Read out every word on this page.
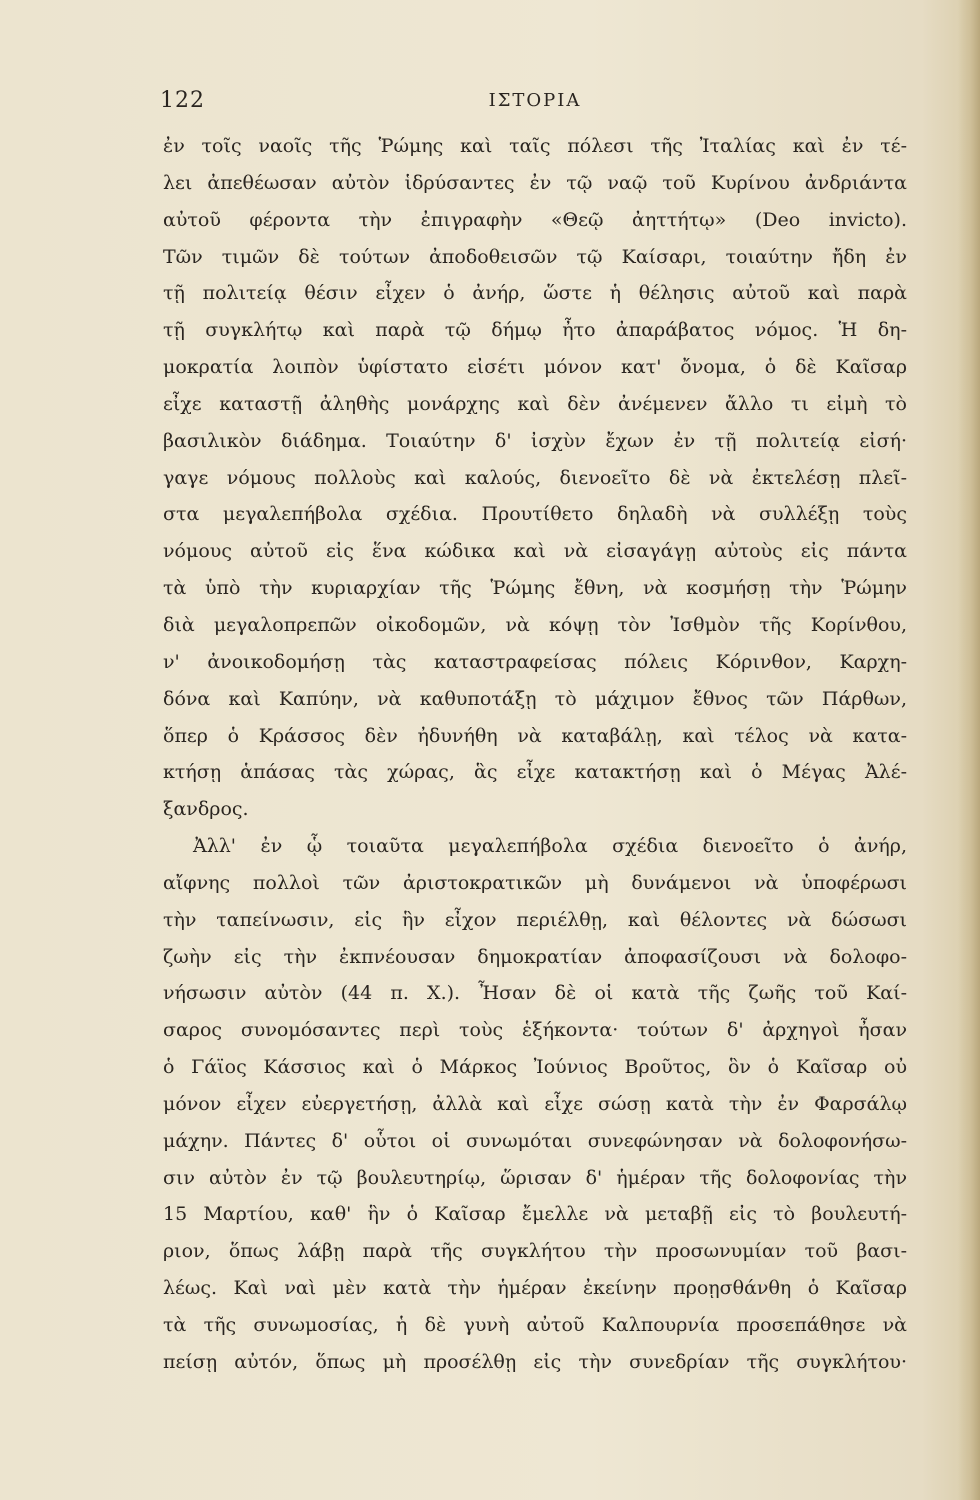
122	ΙΣΤΟΡΙΑ
ἐν τοῖς ναοῖς τῆς Ῥώμης καὶ ταῖς πόλεσι τῆς Ἰταλίας καὶ ἐν τέ-
λει ἀπεθέωσαν αὐτὸν ἱδρύσαντες ἐν τῷ ναῷ τοῦ Κυρίνου ἀνδριάντα
αὐτοῦ φέροντα τὴν ἐπιγραφὴν «Θεῷ ἀηττήτῳ» (Deo invicto).
Τῶν τιμῶν δὲ τούτων ἀποδοθεισῶν τῷ Καίσαρι, τοιαύτην ἤδη ἐν
τῇ πολιτείᾳ θέσιν εἶχεν ὁ ἀνήρ, ὥστε ἡ θέλησις αὐτοῦ καὶ παρὰ
τῇ συγκλήτῳ καὶ παρὰ τῷ δήμῳ ἦτο ἀπαράβατος νόμος. Ἡ δη-
μοκρατία λοιπὸν ὑφίστατο εἰσέτι μόνον κατ' ὄνομα, ὁ δὲ Καῖσαρ
εἶχε καταστῇ ἀληθὴς μονάρχης καὶ δὲν ἀνέμενεν ἄλλο τι εἰμὴ τὸ
βασιλικὸν διάδημα. Τοιαύτην δ' ἰσχὺν ἔχων ἐν τῇ πολιτείᾳ εἰσή·
γαγε νόμους πολλοὺς καὶ καλούς, διενοεῖτο δὲ νὰ ἐκτελέσῃ πλεῖ-
στα μεγαλεπήβολα σχέδια. Προυτίθετο δηλαδὴ νὰ συλλέξῃ τοὺς
νόμους αὐτοῦ εἰς ἕνα κώδικα καὶ νὰ εἰσαγάγῃ αὐτοὺς εἰς πάντα
τὰ ὑπὸ τὴν κυριαρχίαν τῆς Ῥώμης ἔθνη, νὰ κοσμήσῃ τὴν Ῥώμην
διὰ μεγαλοπρεπῶν οἰκοδομῶν, νὰ κόψῃ τὸν Ἰσθμὸν τῆς Κορίνθου,
ν' ἀνοικοδομήσῃ τὰς καταστραφείσας πόλεις Κόρινθον, Καρχη-
δόνα καὶ Καπύην, νὰ καθυποτάξῃ τὸ μάχιμον ἔθνος τῶν Πάρθων,
ὅπερ ὁ Κράσσος δὲν ἠδυνήθη νὰ καταβάλῃ, καὶ τέλος νὰ κατα-
κτήσῃ ἁπάσας τὰς χώρας, ἃς εἶχε κατακτήσῃ καὶ ὁ Μέγας Ἀλέ-
ξανδρος.
Ἀλλ' ἐν ᾧ τοιαῦτα μεγαλεπήβολα σχέδια διενοεῖτο ὁ ἀνήρ,
αἴφνης πολλοὶ τῶν ἀριστοκρατικῶν μὴ δυνάμενοι νὰ ὑποφέρωσι
τὴν ταπείνωσιν, εἰς ἣν εἶχον περιέλθῃ, καὶ θέλοντες νὰ δώσωσι
ζωὴν εἰς τὴν ἐκπνέουσαν δημοκρατίαν ἀποφασίζουσι νὰ δολοφο-
νήσωσιν αὐτὸν (44 π. Χ.). Ἦσαν δὲ οἱ κατὰ τῆς ζωῆς τοῦ Καί-
σαρος συνομόσαντες περὶ τοὺς ἑξήκοντα· τούτων δ' ἀρχηγοὶ ἦσαν
ὁ Γάϊος Κάσσιος καὶ ὁ Μάρκος Ἰούνιος Βροῦτος, ὃν ὁ Καῖσαρ οὐ
μόνον εἶχεν εὐεργετήσῃ, ἀλλὰ καὶ εἶχε σώσῃ κατὰ τὴν ἐν Φαρσάλῳ
μάχην. Πάντες δ' οὗτοι οἱ συνωμόται συνεφώνησαν νὰ δολοφονήσω-
σιν αὐτὸν ἐν τῷ βουλευτηρίῳ, ὥρισαν δ' ἡμέραν τῆς δολοφονίας τὴν
15 Μαρτίου, καθ' ἣν ὁ Καῖσαρ ἔμελλε νὰ μεταβῇ εἰς τὸ βουλευτή-
ριον, ὅπως λάβῃ παρὰ τῆς συγκλήτου τὴν προσωνυμίαν τοῦ βασι-
λέως. Καὶ ναὶ μὲν κατὰ τὴν ἡμέραν ἐκείνην προῃσθάνθη ὁ Καῖσαρ
τὰ τῆς συνωμοσίας, ἡ δὲ γυνὴ αὐτοῦ Καλπουρνία προσεπάθησε νὰ
πείσῃ αὐτόν, ὅπως μὴ προσέλθῃ εἰς τὴν συνεδρίαν τῆς συγκλήτου·
